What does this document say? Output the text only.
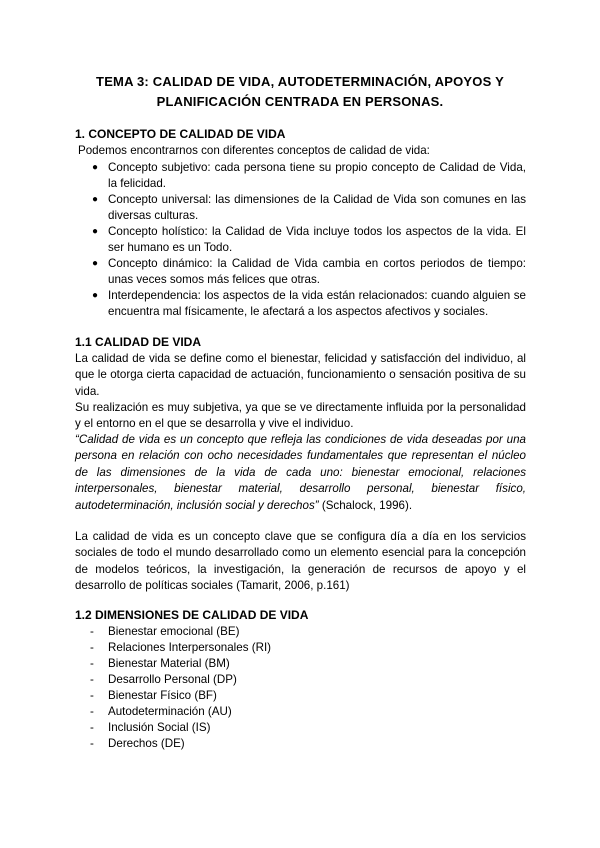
TEMA 3: CALIDAD DE VIDA, AUTODETERMINACIÓN, APOYOS Y
PLANIFICACIÓN CENTRADA EN PERSONAS.
1. CONCEPTO DE CALIDAD DE VIDA
Podemos encontrarnos con diferentes conceptos de calidad de vida:
● Concepto subjetivo: cada persona tiene su propio concepto de Calidad de Vida, la felicidad.
● Concepto universal: las dimensiones de la Calidad de Vida son comunes en las diversas culturas.
● Concepto holístico: la Calidad de Vida incluye todos los aspectos de la vida. El ser humano es un Todo.
● Concepto dinámico: la Calidad de Vida cambia en cortos periodos de tiempo: unas veces somos más felices que otras.
● Interdependencia: los aspectos de la vida están relacionados: cuando alguien se encuentra mal físicamente, le afectará a los aspectos afectivos y sociales.
1.1 CALIDAD DE VIDA
La calidad de vida se define como el bienestar, felicidad y satisfacción del individuo, al que le otorga cierta capacidad de actuación, funcionamiento o sensación positiva de su vida.
Su realización es muy subjetiva, ya que se ve directamente influida por la personalidad y el entorno en el que se desarrolla y vive el individuo.
“Calidad de vida es un concepto que refleja las condiciones de vida deseadas por una persona en relación con ocho necesidades fundamentales que representan el núcleo de las dimensiones de la vida de cada uno: bienestar emocional, relaciones interpersonales, bienestar material, desarrollo personal, bienestar físico, autodeterminación, inclusión social y derechos” (Schalock, 1996).
La calidad de vida es un concepto clave que se configura día a día en los servicios sociales de todo el mundo desarrollado como un elemento esencial para la concepción de modelos teóricos, la investigación, la generación de recursos de apoyo y el desarrollo de políticas sociales (Tamarit, 2006, p.161)
1.2 DIMENSIONES DE CALIDAD DE VIDA
- Bienestar emocional (BE)
- Relaciones Interpersonales (RI)
- Bienestar Material (BM)
- Desarrollo Personal (DP)
- Bienestar Físico (BF)
- Autodeterminación (AU)
- Inclusión Social (IS)
- Derechos (DE)
